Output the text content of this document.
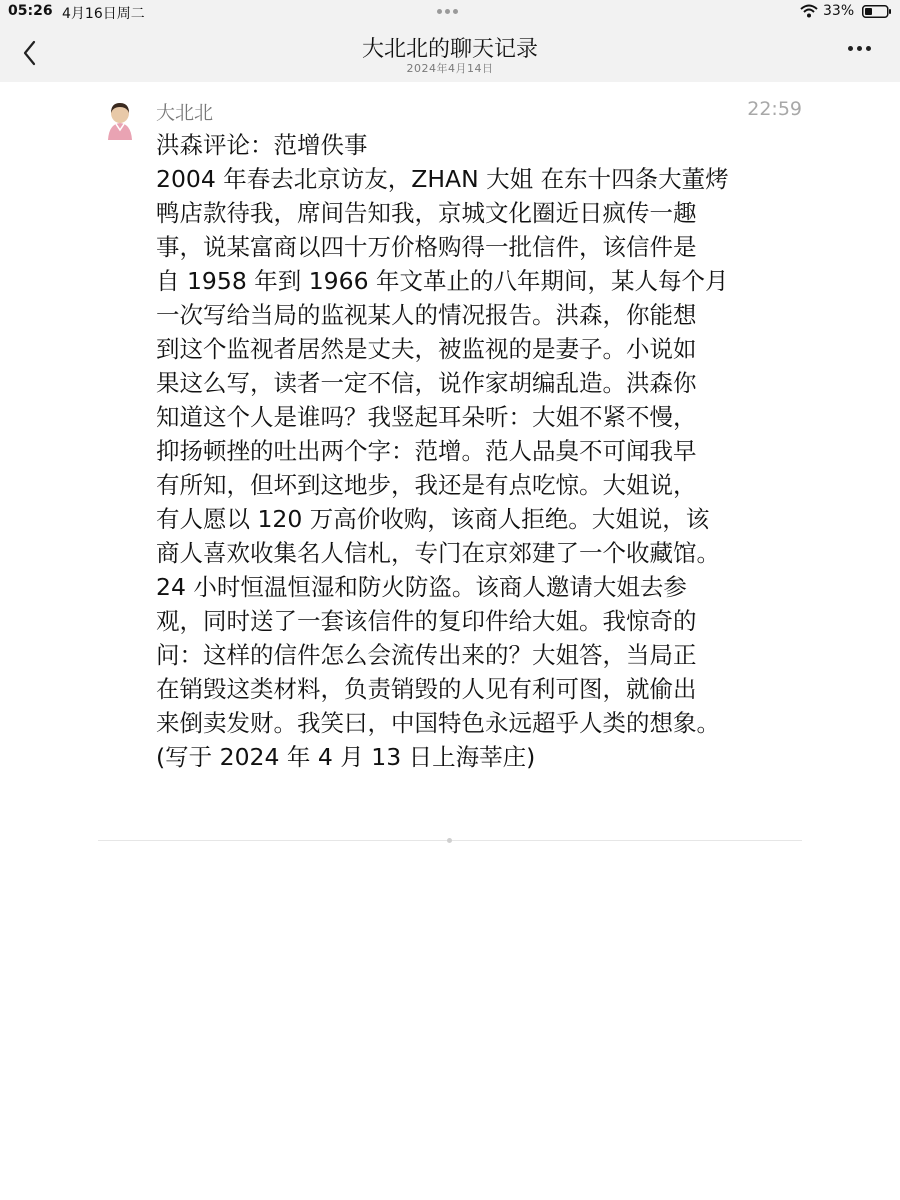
05:26 4月16日周二	33%
大北北的聊天记录
2024年4月14日
大北北	22:59
洪森评论：范增佚事
2004 年春去北京访友，ZHAN 大姐 在东十四条大董烤
鸭店款待我，席间告知我，京城文化圈近日疯传一趣
事，说某富商以四十万价格购得一批信件，该信件是
自 1958 年到 1966 年文革止的八年期间，某人每个月
一次写给当局的监视某人的情况报告。洪森，你能想
到这个监视者居然是丈夫，被监视的是妻子。小说如
果这么写，读者一定不信，说作家胡编乱造。洪森你
知道这个人是谁吗？我竖起耳朵听：大姐不紧不慢，
抑扬顿挫的吐出两个字：范增。范人品臭不可闻我早
有所知，但坏到这地步，我还是有点吃惊。大姐说，
有人愿以 120 万高价收购，该商人拒绝。大姐说，该
商人喜欢收集名人信札，专门在京郊建了一个收藏馆。
24 小时恒温恒湿和防火防盗。该商人邀请大姐去参
观，同时送了一套该信件的复印件给大姐。我惊奇的
问：这样的信件怎么会流传出来的？大姐答，当局正
在销毁这类材料，负责销毁的人见有利可图，就偷出
来倒卖发财。我笑曰，中国特色永远超乎人类的想象。
(写于 2024 年 4 月 13 日上海莘庄)
